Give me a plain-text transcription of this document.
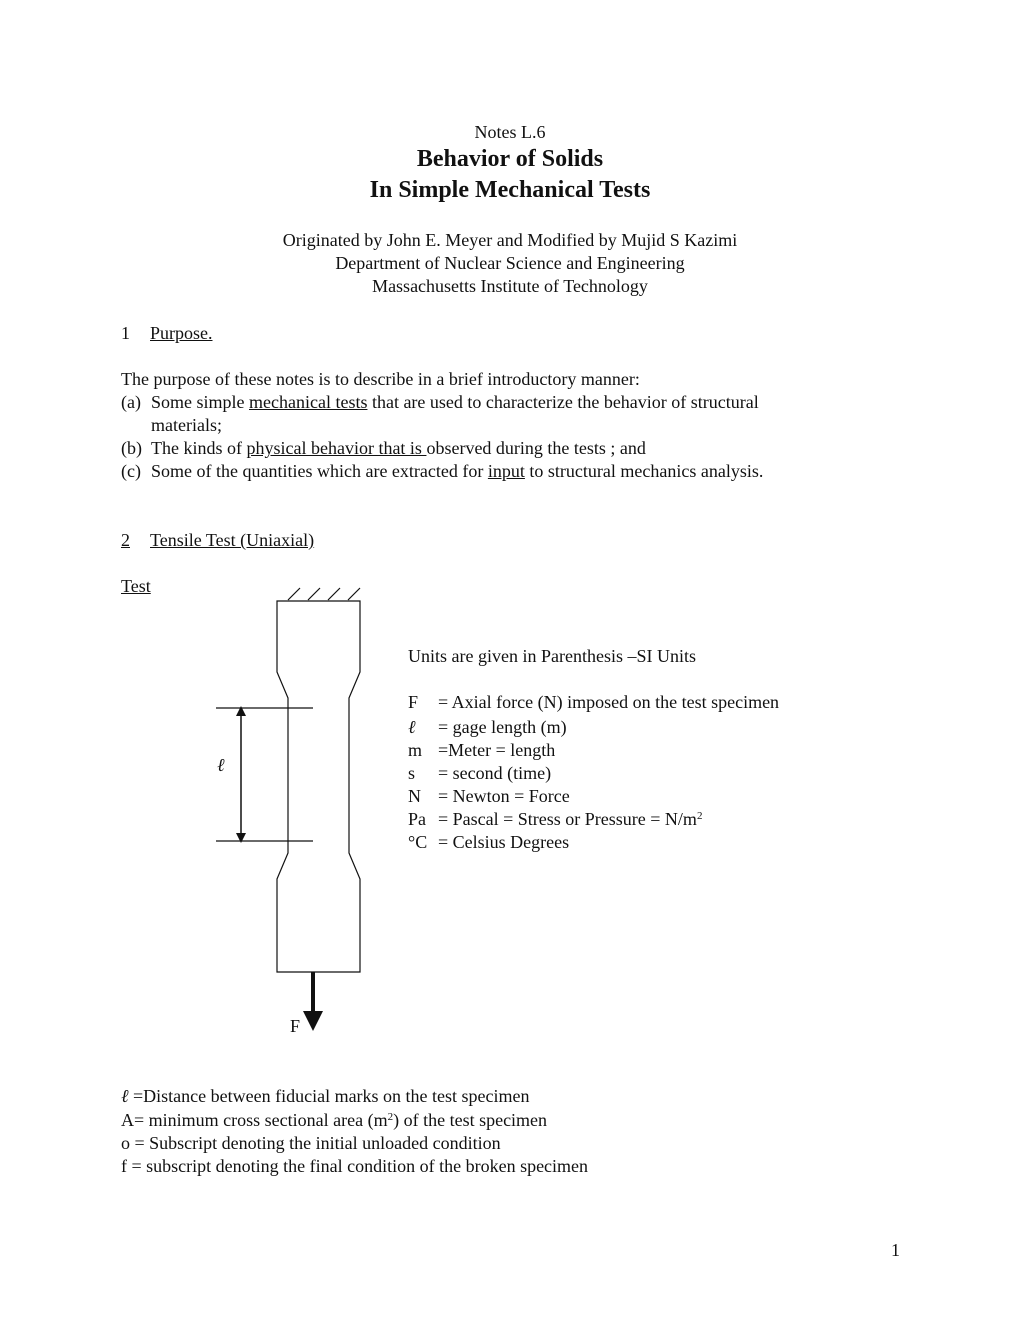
Notes L.6
Behavior of Solids
In Simple Mechanical Tests
Originated by John E. Meyer and Modified by Mujid S Kazimi
Department of Nuclear Science and Engineering
Massachusetts Institute of Technology
1 Purpose.
The purpose of these notes is to describe in a brief introductory manner:
(a) Some simple mechanical tests that are used to characterize the behavior of structural
materials;
(b) The kinds of physical behavior that is observed during the tests ; and
(c) Some of the quantities which are extracted for input to structural mechanics analysis.
2 Tensile Test (Uniaxial)
Test
ℓ
F
Units are given in Parenthesis –SI Units
F = Axial force (N) imposed on the test specimen
ℓ = gage length (m)
m =Meter = length
s = second (time)
N = Newton = Force
Pa = Pascal = Stress or Pressure = $N/m^2$
°C = Celsius Degrees
ℓ =Distance between fiducial marks on the test specimen
A= minimum cross sectional area $(m^2)$ of the test specimen
o = Subscript denoting the initial unloaded condition
f = subscript denoting the final condition of the broken specimen
1
